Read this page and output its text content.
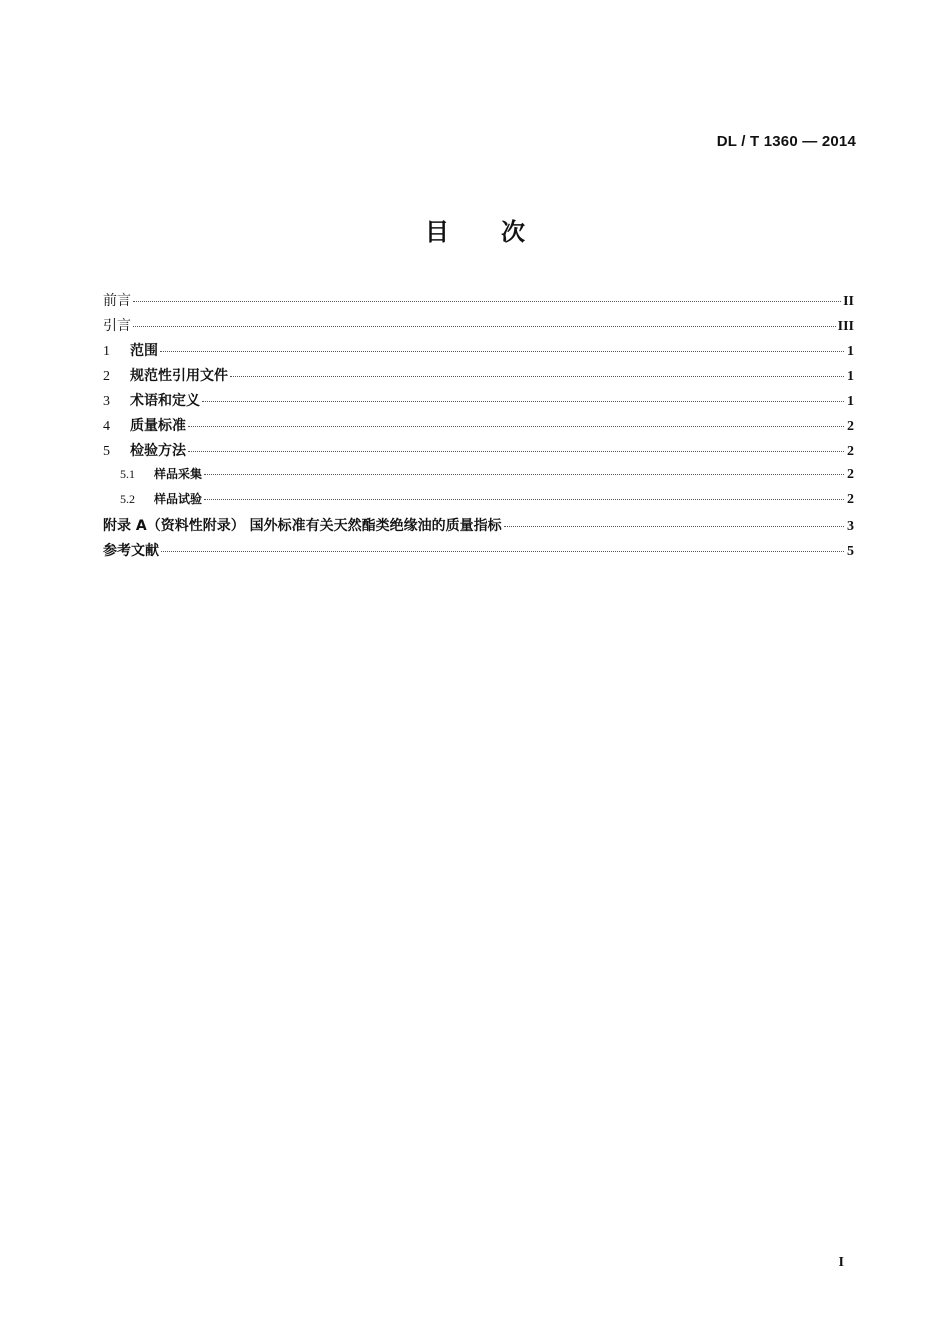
DL / T 1360 — 2014
目 次
前言	II
引言	III
1	范围	1
2	规范性引用文件	1
3	术语和定义	1
4	质量标准	2
5	检验方法	2
5.1	样品采集	2
5.2	样品试验	2
附录 A（资料性附录） 国外标准有关天然酯类绝缘油的质量指标	3
参考文献	5
I
